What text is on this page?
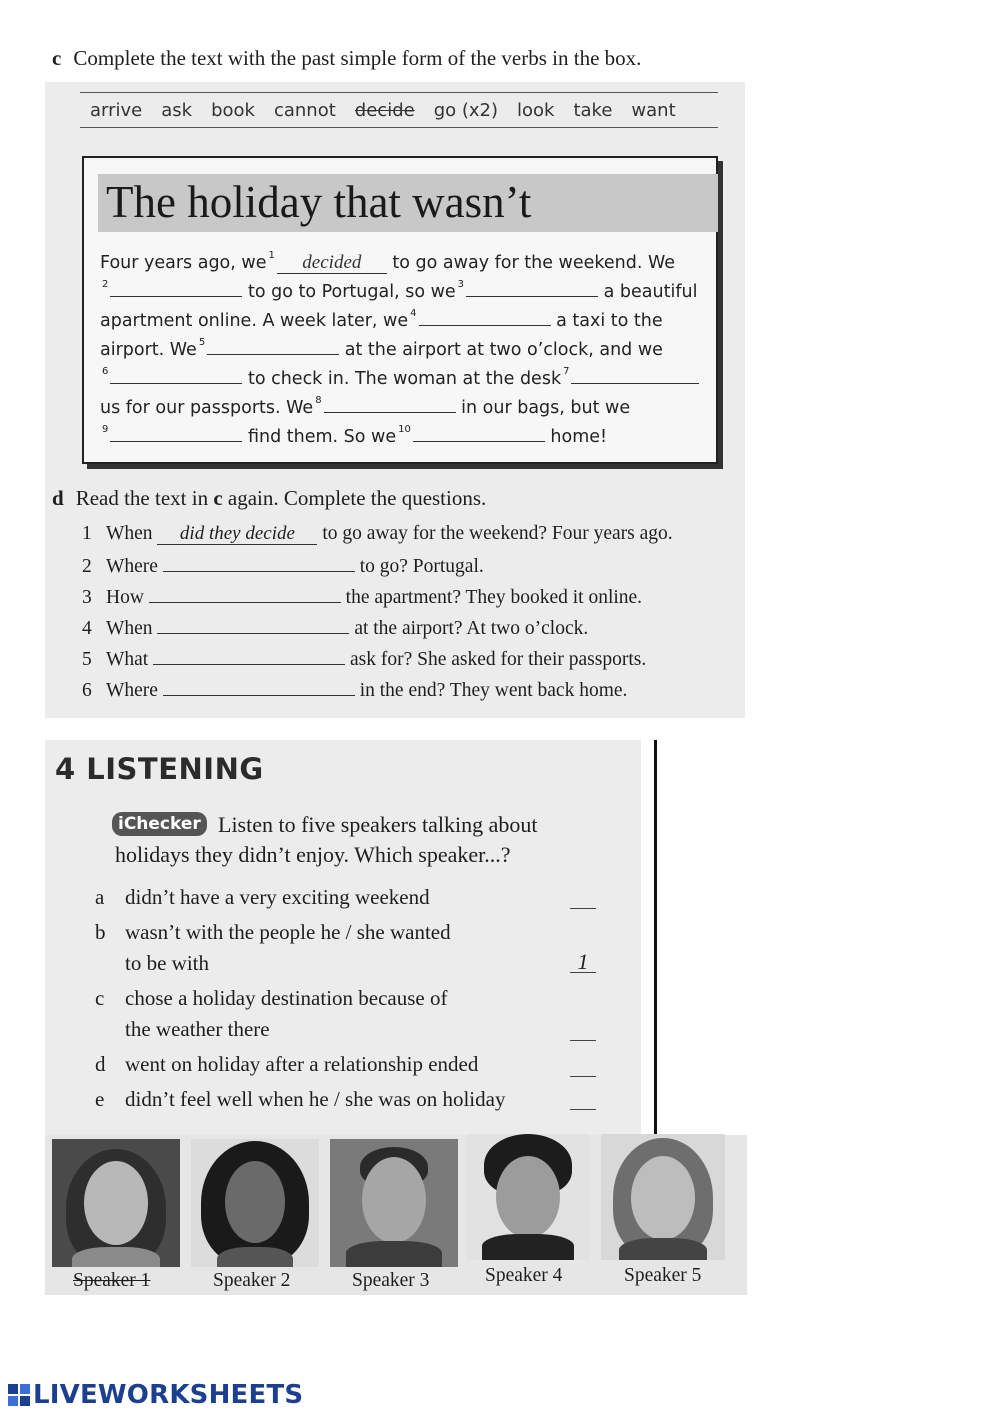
c Complete the text with the past simple form of the verbs in the box.
arrive ask book cannot decide go (x2) look take want
The holiday that wasn’t
Four years ago, we $^1$ decided to go away for the weekend. We
$^2$	to go to Portugal, so we $^3$	a beautiful
apartment online. A week later, we $^4$	a taxi to the
airport. We $^5$	at the airport at two o’clock, and we
$^6$	to check in. The woman at the desk $^7$
us for our passports. We $^8$	in our bags, but we
$^9$	find them. So we $^{10}$	home!
d Read the text in c again. Complete the questions.
1 When did they decide to go away for the weekend? Four years ago.
2 Where	to go? Portugal.
3 How	the apartment? They booked it online.
4 When	at the airport? At two o’clock.
5 What	ask for? She asked for their passports.
6 Where	in the end? They went back home.
4 LISTENING
iChecker Listen to five speakers talking about
holidays they didn’t enjoy. Which speaker...?
a didn’t have a very exciting weekend
b wasn’t with the people he / she wanted
to be with	1
c chose a holiday destination because of
the weather there
d went on holiday after a relationship ended
e didn’t feel well when he / she was on holiday
Speaker 1	Speaker 2	Speaker 3	Speaker 4	Speaker 5
LIVEWORKSHEETS
